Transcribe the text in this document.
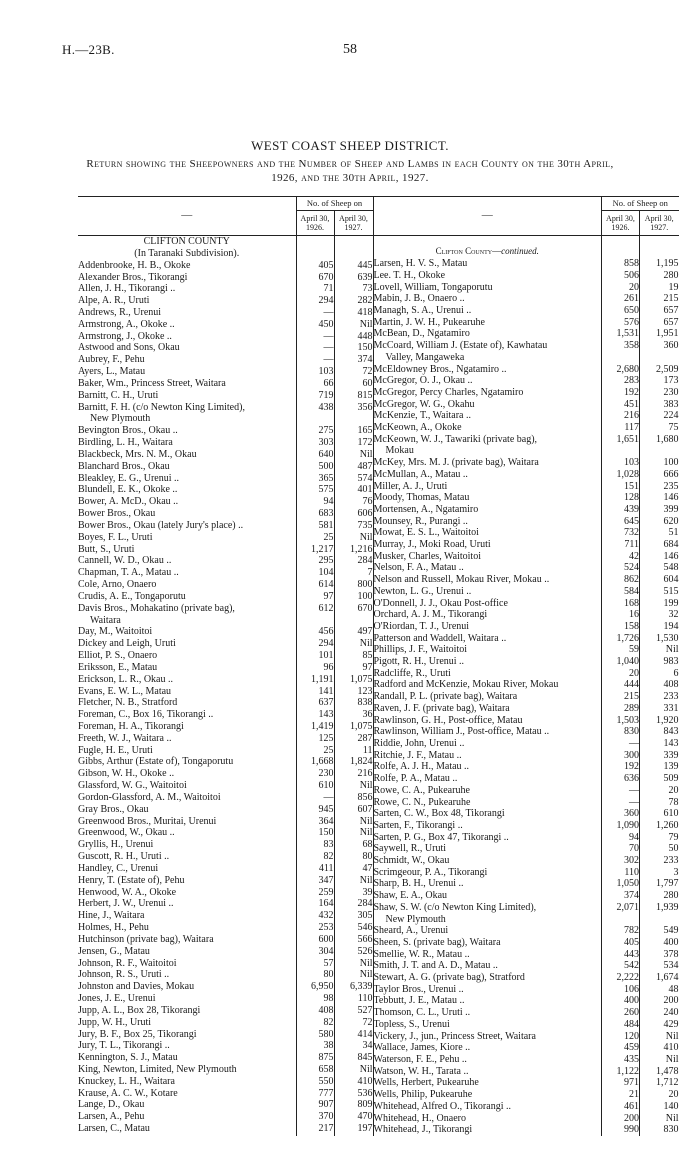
H.—23B.	58
WEST COAST SHEEP DISTRICT.
Return showing the Sheepowners and the Number of Sheep and Lambs in each County on the 30th April, 1926, and the 30th April, 1927.
—	No. of Sheep on	
	April 30, 1926.	April 30, 1927.
CLIFTON COUNTY		
(In Taranaki Subdivision).		
Addenbrooke, H. B., Okoke	405	445
Alexander Bros., Tikorangi	670	639
Allen, J. H., Tikorangi ..	71	73
Alpe, A. R., Uruti	294	282
Andrews, R., Urenui	—	418
Armstrong, A., Okoke ..	450	Nil
Armstrong, J., Okoke ..	—	448
Astwood and Sons, Okau	—	150
Aubrey, F., Pehu	—	374
Ayers, L., Matau	103	72
Baker, Wm., Princess Street, Waitara	66	60
Barnitt, C. H., Uruti	719	815
Barnitt, F. H. (c/o Newton King Limited),	438	356
New Plymouth		
Bevington Bros., Okau ..	275	165
Birdling, L. H., Waitara	303	172
Blackbeck, Mrs. N. M., Okau	640	Nil
Blanchard Bros., Okau	500	487
Bleakley, E. G., Urenui ..	365	574
Blundell, E. K., Okoke ..	575	401
Bower, A. McD., Okau ..	94	76
Bower Bros., Okau	683	606
Bower Bros., Okau (lately Jury's place) ..	581	735
Boyes, F. L., Uruti	25	Nil
Butt, S., Uruti	1,217	1,216
Cannell, W. D., Okau ..	295	284
Chapman, T. A., Matau ..	104	7
Cole, Arno, Onaero	614	800
Crudis, A. E., Tongaporutu	97	100
Davis Bros., Mohakatino (private bag),	612	670
Waitara		
Day, M., Waitoitoi	456	497
Dickey and Leigh, Uruti	294	Nil
Elliot, P. S., Onaero	101	85
Eriksson, E., Matau	96	97
Erickson, L. R., Okau ..	1,191	1,075
Evans, E. W. L., Matau	141	123
Fletcher, N. B., Stratford	637	838
Foreman, C., Box 16, Tikorangi ..	143	36
Foreman, H. A., Tikorangi	1,419	1,075
Freeth, W. J., Waitara ..	125	287
Fugle, H. E., Uruti	25	11
Gibbs, Arthur (Estate of), Tongaporutu	1,668	1,824
Gibson, W. H., Okoke ..	230	216
Glassford, W. G., Waitoitoi	610	Nil
Gordon-Glassford, A. M., Waitoitoi	—	856
Gray Bros., Okau	945	607
Greenwood Bros., Muritai, Urenui	364	Nil
Greenwood, W., Okau ..	150	Nil
Gryllis, H., Urenui	83	68
Guscott, R. H., Uruti ..	82	80
Handley, C., Urenui	411	47
Henry, T. (Estate of), Pehu	347	Nil
Henwood, W. A., Okoke	259	39
Herbert, J. W., Urenui ..	164	284
Hine, J., Waitara	432	305
Holmes, H., Pehu	253	546
Hutchinson (private bag), Waitara	600	566
Jensen, G., Matau	304	526
Johnson, R. F., Waitoitoi	57	Nil
Johnson, R. S., Uruti ..	80	Nil
Johnston and Davies, Mokau	6,950	6,339
Jones, J. E., Urenui	98	110
Jupp, A. L., Box 28, Tikorangi	408	527
Jupp, W. H., Uruti	82	72
Jury, B. F., Box 25, Tikorangi	580	414
Jury, T. L., Tikorangi ..	38	34
Kennington, S. J., Matau	875	845
King, Newton, Limited, New Plymouth	658	Nil
Knuckey, L. H., Waitara	550	410
Krause, A. C. W., Kotare	777	536
Lange, D., Okau	907	809
Larsen, A., Pehu	370	470
Larsen, C., Matau	217	197
—	No. of Sheep on	
	April 30, 1926.	April 30, 1927.
Clifton County—continued.		
Larsen, H. V. S., Matau	858	1,195
Lee. T. H., Okoke	506	280
Lovell, William, Tongaporutu	20	19
Mabin, J. B., Onaero ..	261	215
Managh, S. A., Urenui ..	650	657
Martin, J. W. H., Pukearuhe	576	657
McBean, D., Ngatamiro	1,531	1,951
McCoard, William J. (Estate of), Kawhatau	358	360
Valley, Mangaweka		
McEldowney Bros., Ngatamiro ..	2,680	2,509
McGregor, O. J., Okau ..	283	173
McGregor, Percy Charles, Ngatamiro	192	230
McGregor, W. G., Okahu	451	383
McKenzie, T., Waitara ..	216	224
McKeown, A., Okoke	117	75
McKeown, W. J., Tawariki (private bag),	1,651	1,680
Mokau		
McKey, Mrs. M. J. (private bag), Waitara	103	100
McMullan, A., Matau ..	1,028	666
Miller, A. J., Uruti	151	235
Moody, Thomas, Matau	128	146
Mortensen, A., Ngatamiro	439	399
Mounsey, R., Purangi ..	645	620
Mowat, E. S. L., Waitoitoi	732	51
Murray, J., Moki Road, Uruti	711	684
Musker, Charles, Waitoitoi	42	146
Nelson, F. A., Matau ..	524	548
Nelson and Russell, Mokau River, Mokau ..	862	604
Newton, L. G., Urenui ..	584	515
O'Donnell, J. J., Okau Post-office	168	199
Orchard, A. J. M., Tikorangi	16	32
O'Riordan, T. J., Urenui	158	194
Patterson and Waddell, Waitara ..	1,726	1,530
Phillips, J. F., Waitoitoi	59	Nil
Pigott, R. H., Urenui ..	1,040	983
Radcliffe, R., Uruti	20	6
Radford and McKenzie, Mokau River, Mokau	444	408
Randall, P. L. (private bag), Waitara	215	233
Raven, J. F. (private bag), Waitara	289	331
Rawlinson, G. H., Post-office, Matau	1,503	1,920
Rawlinson, William J., Post-office, Matau ..	830	843
Riddie, John, Urenui ..	—	143
Ritchie, J. F., Matau ..	300	339
Rolfe, A. J. H., Matau ..	192	139
Rolfe, P. A., Matau ..	636	509
Rowe, C. A., Pukearuhe	—	20
Rowe, C. N., Pukearuhe	—	78
Sarten, C. W., Box 48, Tikorangi	360	610
Sarten, F., Tikorangi ..	1,090	1,260
Sarten, P. G., Box 47, Tikorangi ..	94	79
Saywell, R., Uruti	70	50
Schmidt, W., Okau	302	233
Scrimgeour, P. A., Tikorangi	110	3
Sharp, B. H., Urenui ..	1,050	1,797
Shaw, E. A., Okau	374	280
Shaw, S. W. (c/o Newton King Limited),	2,071	1,939
New Plymouth		
Sheard, A., Urenui	782	549
Sheen, S. (private bag), Waitara	405	400
Smellie, W. R., Matau ..	443	378
Smith, J. T. and A. D., Matau ..	542	534
Stewart, A. G. (private bag), Stratford	2,222	1,674
Taylor Bros., Urenui ..	106	48
Tebbutt, J. E., Matau ..	400	200
Thomson, C. L., Uruti ..	260	240
Topless, S., Urenui	484	429
Vickery, J., jun., Princess Street, Waitara	120	Nil
Wallace, James, Kiore ..	459	410
Waterson, F. E., Pehu ..	435	Nil
Watson, W. H., Tarata ..	1,122	1,478
Wells, Herbert, Pukearuhe	971	1,712
Wells, Philip, Pukearuhe	21	20
Whitehead, Alfred O., Tikorangi ..	461	140
Whitehead, H., Onaero	200	Nil
Whitehead, J., Tikorangi	990	830
